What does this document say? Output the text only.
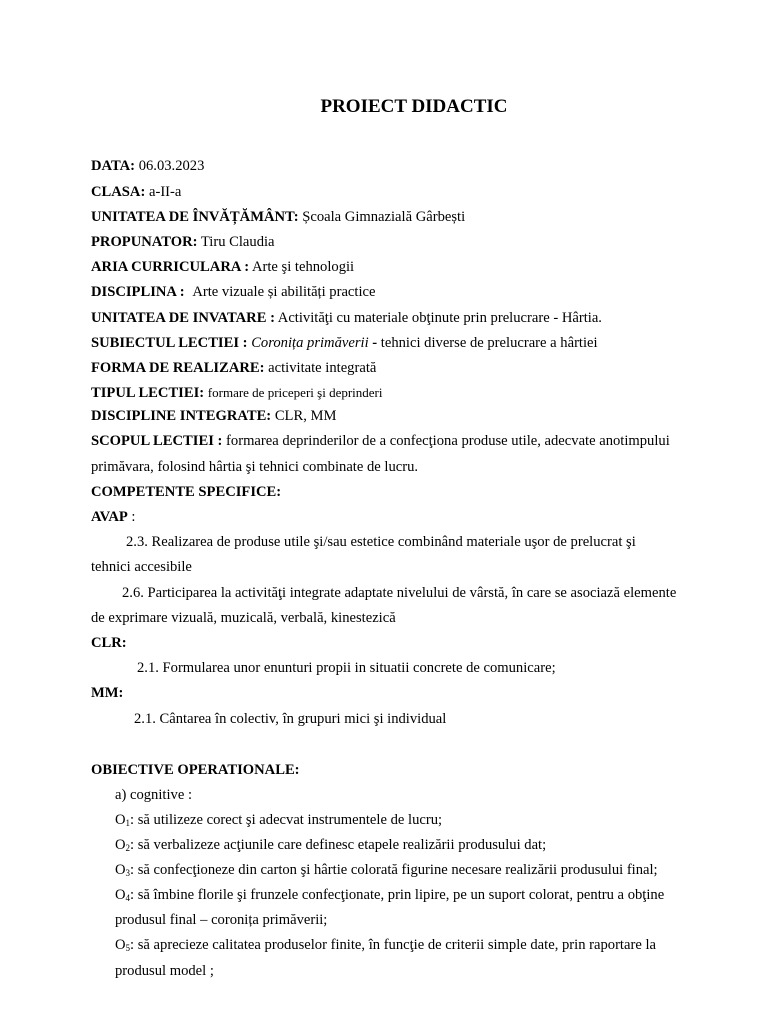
PROIECT DIDACTIC
DATA: 06.03.2023
CLASA: a-II-a
UNITATEA DE ÎNVĂȚĂMÂNT: Școala Gimnazială Gârbești
PROPUNATOR: Tiru Claudia
ARIA CURRICULARA : Arte şi tehnologii
DISCIPLINA : Arte vizuale și abilități practice
UNITATEA DE INVATARE : Activităţi cu materiale obţinute prin prelucrare - Hârtia.
SUBIECTUL LECTIEI : Coronița primăverii - tehnici diverse de prelucrare a hârtiei
FORMA DE REALIZARE: activitate integrată
TIPUL LECTIEI: formare de priceperi şi deprinderi
DISCIPLINE INTEGRATE: CLR, MM
SCOPUL LECTIEI : formarea deprinderilor de a confecţiona produse utile, adecvate anotimpului
primăvara, folosind hârtia şi tehnici combinate de lucru.
COMPETENTE SPECIFICE:
AVAP :
2.3. Realizarea de produse utile şi/sau estetice combinând materiale uşor de prelucrat şi
tehnici accesibile
2.6. Participarea la activităţi integrate adaptate nivelului de vârstă, în care se asociază elemente
de exprimare vizuală, muzicală, verbală, kinestezică
CLR:
2.1. Formularea unor enunturi propii in situatii concrete de comunicare;
MM:
2.1. Cântarea în colectiv, în grupuri mici şi individual
OBIECTIVE OPERATIONALE:
a) cognitive :
$O_1$: să utilizeze corect şi adecvat instrumentele de lucru;
$O_2$: să verbalizeze acţiunile care definesc etapele realizării produsului dat;
$O_3$: să confecţioneze din carton şi hârtie colorată figurine necesare realizării produsului final;
$O_4$: să îmbine florile şi frunzele confecţionate, prin lipire, pe un suport colorat, pentru a obţine
produsul final – coronița primăverii;
$O_5$: să aprecieze calitatea produselor finite, în funcţie de criterii simple date, prin raportare la
produsul model ;
